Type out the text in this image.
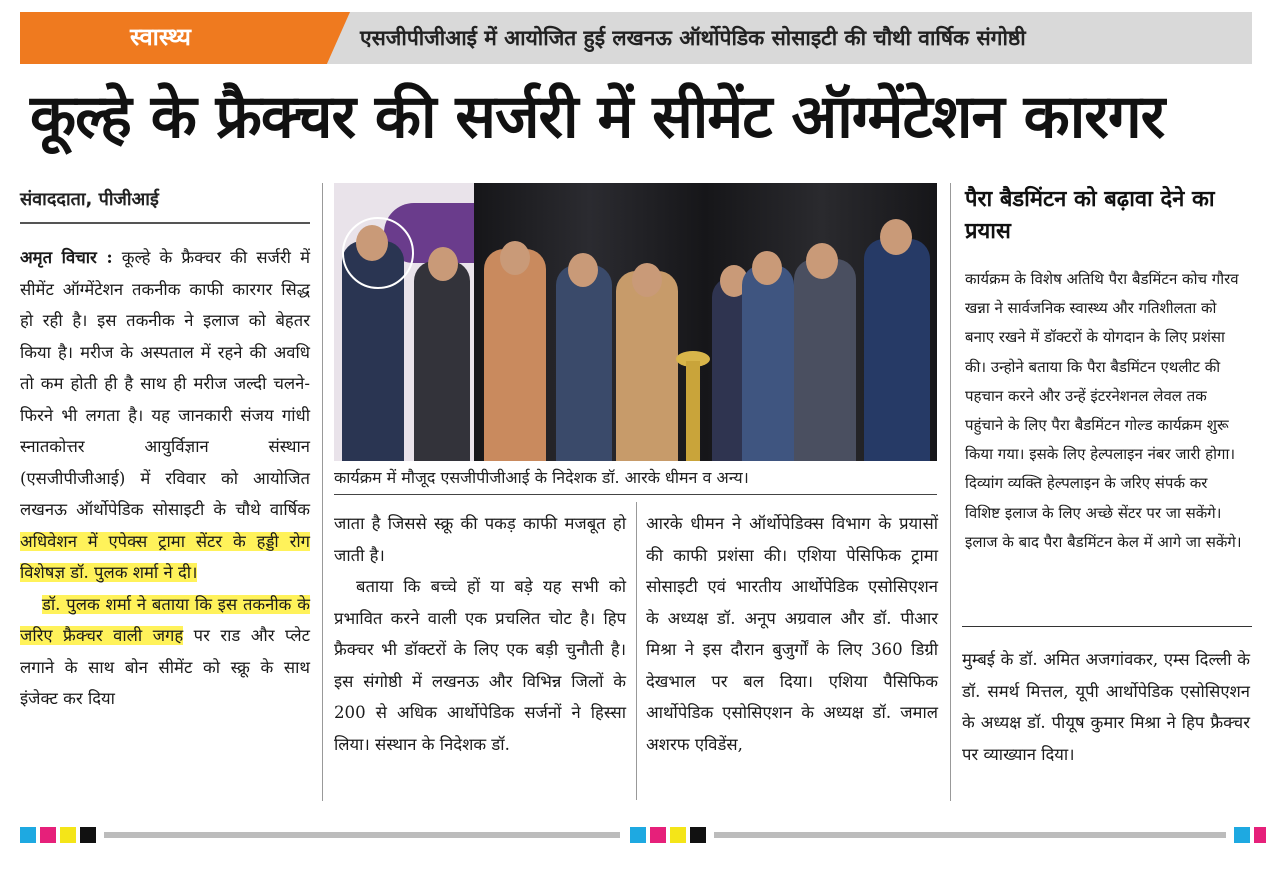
स्वास्थ्य	एसजीपीजीआई में आयोजित हुई लखनऊ ऑर्थोपेडिक सोसाइटी की चौथी वार्षिक संगोष्ठी
कूल्हे के फ्रैक्चर की सर्जरी में सीमेंट ऑग्मेंटेशन कारगर
संवाददाता, पीजीआई

अमृत विचार : कूल्हे के फ्रैक्चर की सर्जरी में सीमेंट ऑग्मेंटेशन तकनीक काफी कारगर सिद्ध हो रही है। इस तकनीक ने इलाज को बेहतर किया है। मरीज के अस्पताल में रहने की अवधि तो कम होती ही है साथ ही मरीज जल्दी चलने-फिरने भी लगता है। यह जानकारी संजय गांधी स्नातकोत्तर आयुर्विज्ञान संस्थान (एसजीपीजीआई) में रविवार को आयोजित लखनऊ ऑर्थोपेडिक सोसाइटी के चौथे वार्षिक अधिवेशन में एपेक्स ट्रामा सेंटर के हड्डी रोग विशेषज्ञ डॉ. पुलक शर्मा ने दी।

डॉ. पुलक शर्मा ने बताया कि इस तकनीक के जरिए फ्रैक्चर वाली जगह पर राड और प्लेट लगाने के साथ बोन सीमेंट को स्क्रू के साथ इंजेक्ट कर दिया

कार्यक्रम में मौजूद एसजीपीजीआई के निदेशक डॉ. आरके धीमन व अन्य।

जाता है जिससे स्क्रू की पकड़ काफी मजबूत हो जाती है।

बताया कि बच्चे हों या बड़े यह सभी को प्रभावित करने वाली एक प्रचलित चोट है। हिप फ्रैक्चर भी डॉक्टरों के लिए एक बड़ी चुनौती है। इस संगोष्ठी में लखनऊ और विभिन्न जिलों के 200 से अधिक आर्थोपेडिक सर्जनों ने हिस्सा लिया। संस्थान के निदेशक डॉ.

आरके धीमन ने ऑर्थोपेडिक्स विभाग के प्रयासों की काफी प्रशंसा की। एशिया पेसिफिक ट्रामा सोसाइटी एवं भारतीय आर्थोपेडिक एसोसिएशन के अध्यक्ष डॉ. अनूप अग्रवाल और डॉ. पीआर मिश्रा ने इस दौरान बुजुर्गों के लिए 360 डिग्री देखभाल पर बल दिया। एशिया पैसिफिक आर्थोपेडिक एसोसिएशन के अध्यक्ष डॉ. जमाल अशरफ एविडेंस,

पैरा बैडमिंटन को बढ़ावा देने का प्रयास
कार्यक्रम के विशेष अतिथि पैरा बैडमिंटन कोच गौरव खन्ना ने सार्वजनिक स्वास्थ्य और गतिशीलता को बनाए रखने में डॉक्टरों के योगदान के लिए प्रशंसा की। उन्होने बताया कि पैरा बैडमिंटन एथलीट की पहचान करने और उन्हें इंटरनेशनल लेवल तक पहुंचाने के लिए पैरा बैडमिंटन गोल्ड कार्यक्रम शुरू किया गया। इसके लिए हेल्पलाइन नंबर जारी होगा। दिव्यांग व्यक्ति हेल्पलाइन के जरिए संपर्क कर विशिष्ट इलाज के लिए अच्छे सेंटर पर जा सकेंगे। इलाज के बाद पैरा बैडमिंटन केल में आगे जा सकेंगे।

मुम्बई के डॉ. अमित अजगांवकर, एम्स दिल्ली के डॉ. समर्थ मित्तल, यूपी आर्थोपेडिक एसोसिएशन के अध्यक्ष डॉ. पीयूष कुमार मिश्रा ने हिप फ्रैक्चर पर व्याख्यान दिया।
